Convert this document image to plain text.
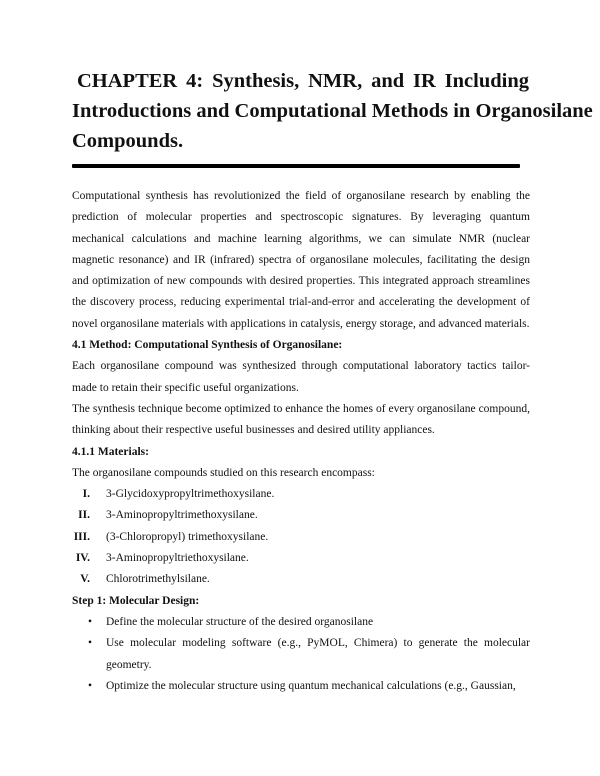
CHAPTER 4: Synthesis, NMR, and IR Including
Introductions and Computational Methods in Organosilane
Compounds.

Computational synthesis has revolutionized the field of organosilane research by enabling the prediction of molecular properties and spectroscopic signatures. By leveraging quantum mechanical calculations and machine learning algorithms, we can simulate NMR (nuclear magnetic resonance) and IR (infrared) spectra of organosilane molecules, facilitating the design and optimization of new compounds with desired properties. This integrated approach streamlines the discovery process, reducing experimental trial-and-error and accelerating the development of novel organosilane materials with applications in catalysis, energy storage, and advanced materials.

4.1 Method: Computational Synthesis of Organosilane:

Each organosilane compound was synthesized through computational laboratory tactics tailor-made to retain their specific useful organizations.

The synthesis technique become optimized to enhance the homes of every organosilane compound, thinking about their respective useful businesses and desired utility appliances.

4.1.1 Materials:

The organosilane compounds studied on this research encompass:

I. 3-Glycidoxypropyltrimethoxysilane.
II. 3-Aminopropyltrimethoxysilane.
III. (3-Chloropropyl) trimethoxysilane.
IV. 3-Aminopropyltriethoxysilane.
V. Chlorotrimethylsilane.

Step 1: Molecular Design:

• Define the molecular structure of the desired organosilane
• Use molecular modeling software (e.g., PyMOL, Chimera) to generate the molecular geometry.
• Optimize the molecular structure using quantum mechanical calculations (e.g., Gaussian,
